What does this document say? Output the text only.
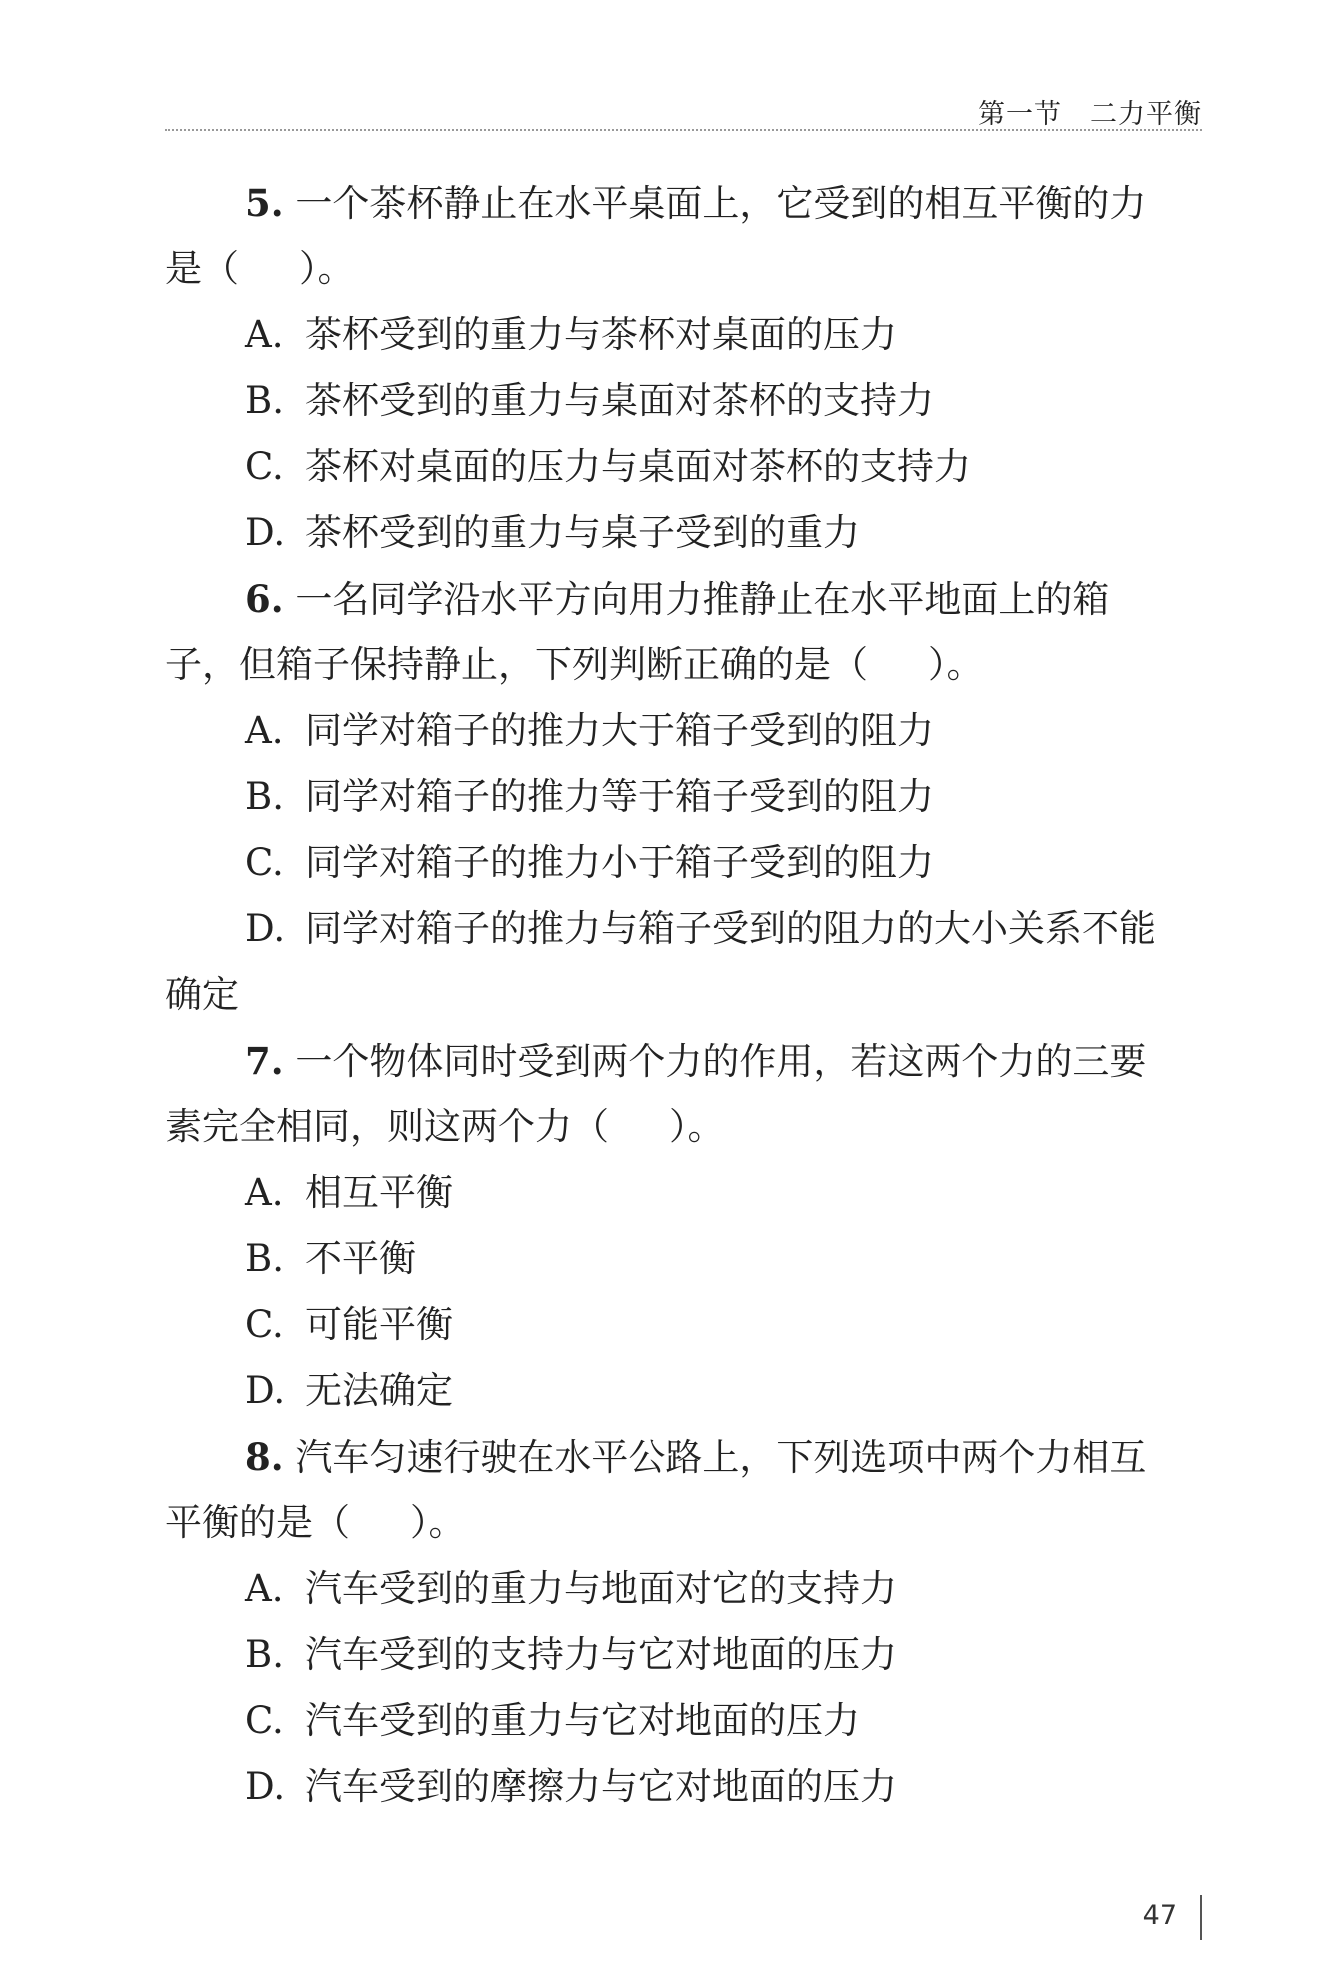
第一节　二力平衡
5. 一个茶杯静止在水平桌面上，它受到的相互平衡的力
是（ ）。
A. 茶杯受到的重力与茶杯对桌面的压力
B. 茶杯受到的重力与桌面对茶杯的支持力
C. 茶杯对桌面的压力与桌面对茶杯的支持力
D. 茶杯受到的重力与桌子受到的重力
6. 一名同学沿水平方向用力推静止在水平地面上的箱
子，但箱子保持静止，下列判断正确的是（ ）。
A. 同学对箱子的推力大于箱子受到的阻力
B. 同学对箱子的推力等于箱子受到的阻力
C. 同学对箱子的推力小于箱子受到的阻力
D. 同学对箱子的推力与箱子受到的阻力的大小关系不能
确定
7. 一个物体同时受到两个力的作用，若这两个力的三要
素完全相同，则这两个力（ ）。
A. 相互平衡
B. 不平衡
C. 可能平衡
D. 无法确定
8. 汽车匀速行驶在水平公路上，下列选项中两个力相互
平衡的是（ ）。
A. 汽车受到的重力与地面对它的支持力
B. 汽车受到的支持力与它对地面的压力
C. 汽车受到的重力与它对地面的压力
D. 汽车受到的摩擦力与它对地面的压力
47
